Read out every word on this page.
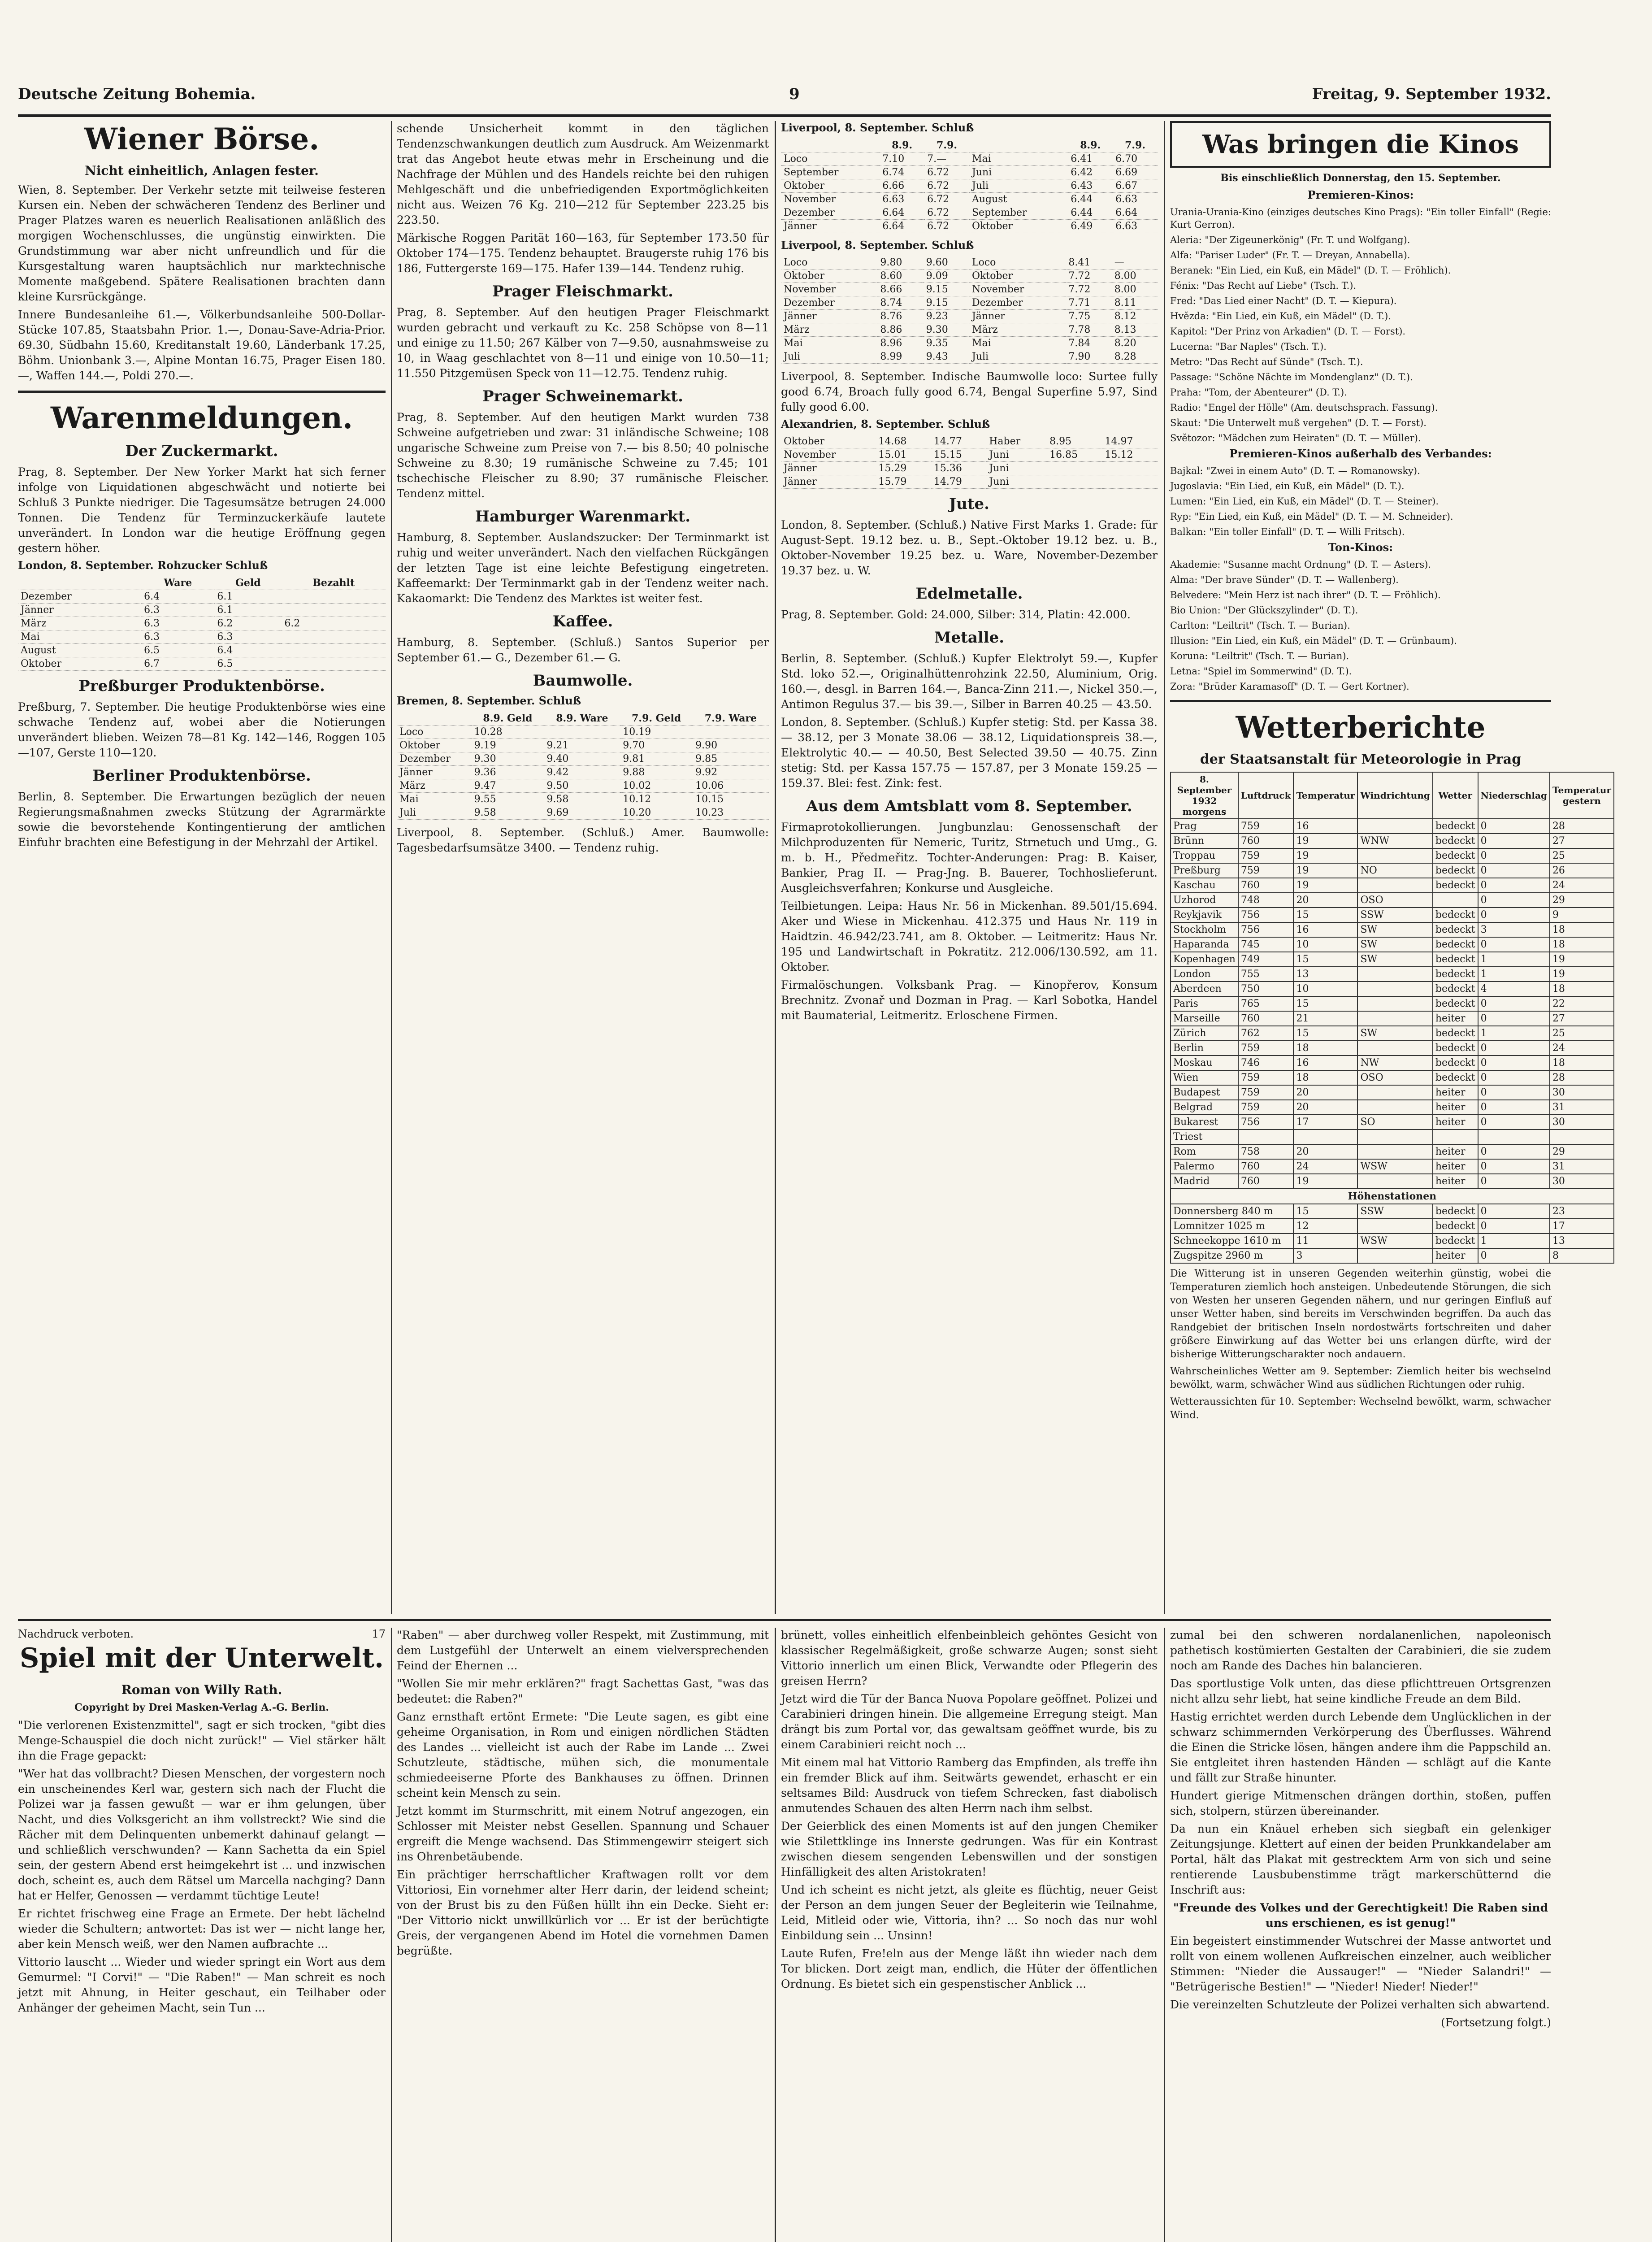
Deutsche Zeitung Bohemia.	9	Freitag, 9. September 1932.
Wiener Börse.
Nicht einheitlich, Anlagen fester.

Wien, 8. September. Der Verkehr setzte mit teilweise festeren Kursen ein. Neben der schwächeren Tendenz des Berliner und Prager Platzes waren es neuerlich Realisationen anläßlich des morgigen Wochenschlusses, die ungünstig einwirkten. Die Grundstimmung war aber nicht unfreundlich und für die Kursgestaltung waren hauptsächlich nur marktechnische Momente maßgebend. Spätere Realisationen brachten dann kleine Kursrückgänge.

Innere Bundesanleihe 61.—, Völkerbundsanleihe 500-Dollar-Stücke 107.85, Staatsbahn Prior. 1.—, Donau-Save-Adria-Prior. 69.30, Südbahn 15.60, Kreditanstalt 19.60, Länderbank 17.25, Böhm. Unionbank 3.—, Alpine Montan 16.75, Prager Eisen 180.—, Waffen 144.—, Poldi 270.—.

Warenmeldungen.
Der Zuckermarkt.

Prag, 8. September. Der New Yorker Markt hat sich ferner infolge von Liquidationen abgeschwächt und notierte bei Schluß 3 Punkte niedriger. Die Tagesumsätze betrugen 24.000 Tonnen. Die Tendenz für Terminzuckerkäufe lautete unverändert. In London war die heutige Eröffnung gegen gestern höher.

London, 8. September. Rohzucker Schluß
	Ware	Geld	Bezahlt
Dezember	6.4	6.1	
Jänner	6.3	6.1	
März	6.3	6.2	6.2
Mai	6.3	6.3	
August	6.5	6.4	
Oktober	6.7	6.5	
Preßburger Produktenbörse.

Preßburg, 7. September. Die heutige Produktenbörse wies eine schwache Tendenz auf, wobei aber die Notierungen unverändert blieben. Weizen 78—81 Kg. 142—146, Roggen 105—107, Gerste 110—120.

Berliner Produktenbörse.

Berlin, 8. September. Die Erwartungen bezüglich der neuen Regierungsmaßnahmen zwecks Stützung der Agrarmärkte sowie die bevorstehende Kontingentierung der amtlichen Einfuhr brachten eine Befestigung in der Mehrzahl der Artikel.

schende Unsicherheit kommt in den täglichen Tendenzschwankungen deutlich zum Ausdruck. Am Weizenmarkt trat das Angebot heute etwas mehr in Erscheinung und die Nachfrage der Mühlen und des Handels reichte bei den ruhigen Mehlgeschäft und die unbefriedigenden Exportmöglichkeiten nicht aus. Weizen 76 Kg. 210—212 für September 223.25 bis 223.50.

Märkische Roggen Parität 160—163, für September 173.50 für Oktober 174—175. Tendenz behauptet. Braugerste ruhig 176 bis 186, Futtergerste 169—175. Hafer 139—144. Tendenz ruhig.

Prager Fleischmarkt.

Prag, 8. September. Auf den heutigen Prager Fleischmarkt wurden gebracht und verkauft zu Kc. 258 Schöpse von 8—11 und einige zu 11.50; 267 Kälber von 7—9.50, ausnahmsweise zu 10, in Waag geschlachtet von 8—11 und einige von 10.50—11; 11.550 Pitzgemüsen Speck von 11—12.75. Tendenz ruhig.

Prager Schweinemarkt.

Prag, 8. September. Auf den heutigen Markt wurden 738 Schweine aufgetrieben und zwar: 31 inländische Schweine; 108 ungarische Schweine zum Preise von 7.— bis 8.50; 40 polnische Schweine zu 8.30; 19 rumänische Schweine zu 7.45; 101 tschechische Fleischer zu 8.90; 37 rumänische Fleischer. Tendenz mittel.

Hamburger Warenmarkt.

Hamburg, 8. September. Auslandszucker: Der Terminmarkt ist ruhig und weiter unverändert. Nach den vielfachen Rückgängen der letzten Tage ist eine leichte Befestigung eingetreten. Kaffeemarkt: Der Terminmarkt gab in der Tendenz weiter nach. Kakaomarkt: Die Tendenz des Marktes ist weiter fest.

Kaffee.

Hamburg, 8. September. (Schluß.) Santos Superior per September 61.— G., Dezember 61.— G.

Baumwolle.
Bremen, 8. September. Schluß
	8.9. Geld	8.9. Ware	7.9. Geld	7.9. Ware
Loco	10.28		10.19	
Oktober	9.19	9.21	9.70	9.90
Dezember	9.30	9.40	9.81	9.85
Jänner	9.36	9.42	9.88	9.92
März	9.47	9.50	10.02	10.06
Mai	9.55	9.58	10.12	10.15
Juli	9.58	9.69	10.20	10.23

Liverpool, 8. September. (Schluß.) Amer. Baumwolle: Tagesbedarfsumsätze 3400. — Tendenz ruhig.

Liverpool, 8. September. Schluß
	8.9.	7.9.		8.9.	7.9.
Loco	7.10	7.—	Mai	6.41	6.70
September	6.74	6.72	Juni	6.42	6.69
Oktober	6.66	6.72	Juli	6.43	6.67
November	6.63	6.72	August	6.44	6.63
Dezember	6.64	6.72	September	6.44	6.64
Jänner	6.64	6.72	Oktober	6.49	6.63
Liverpool, 8. September. Schluß
Loco	9.80	9.60	Loco	8.41	—
Oktober	8.60	9.09	Oktober	7.72	8.00
November	8.66	9.15	November	7.72	8.00
Dezember	8.74	9.15	Dezember	7.71	8.11
Jänner	8.76	9.23	Jänner	7.75	8.12
März	8.86	9.30	März	7.78	8.13
Mai	8.96	9.35	Mai	7.84	8.20
Juli	8.99	9.43	Juli	7.90	8.28

Liverpool, 8. September. Indische Baumwolle loco: Surtee fully good 6.74, Broach fully good 6.74, Bengal Superfine 5.97, Sind fully good 6.00.

Alexandrien, 8. September. Schluß
Oktober	14.68	14.77	Haber	8.95	14.97
November	15.01	15.15	Juni	16.85	15.12
Jänner	15.29	15.36	Juni		
Jänner	15.79	14.79	Juni		
Jute.

London, 8. September. (Schluß.) Native First Marks 1. Grade: für August-Sept. 19.12 bez. u. B., Sept.-Oktober 19.12 bez. u. B., Oktober-November 19.25 bez. u. Ware, November-Dezember 19.37 bez. u. W.

Edelmetalle.

Prag, 8. September. Gold: 24.000, Silber: 314, Platin: 42.000.

Metalle.

Berlin, 8. September. (Schluß.) Kupfer Elektrolyt 59.—, Kupfer Std. loko 52.—, Originalhüttenrohzink 22.50, Aluminium, Orig. 160.—, desgl. in Barren 164.—, Banca-Zinn 211.—, Nickel 350.—, Antimon Regulus 37.— bis 39.—, Silber in Barren 40.25 — 43.50.

London, 8. September. (Schluß.) Kupfer stetig: Std. per Kassa 38.— 38.12, per 3 Monate 38.06 — 38.12, Liquidationspreis 38.—, Elektrolytic 40.— — 40.50, Best Selected 39.50 — 40.75. Zinn stetig: Std. per Kassa 157.75 — 157.87, per 3 Monate 159.25 — 159.37. Blei: fest. Zink: fest.

Aus dem Amtsblatt vom 8. September.

Firmaprotokollierungen. Jungbunzlau: Genossenschaft der Milchproduzenten für Nemeric, Turitz, Strnetuch und Umg., G. m. b. H., Předmeřitz. Tochter-Anderungen: Prag: B. Kaiser, Bankier, Prag II. — Prag-Jng. B. Bauerer, Tochhoslieferunt. Ausgleichsverfahren; Konkurse und Ausgleiche.

Teilbietungen. Leipa: Haus Nr. 56 in Mickenhan. 89.501/15.694. Aker und Wiese in Mickenhau. 412.375 und Haus Nr. 119 in Haidtzin. 46.942/23.741, am 8. Oktober. — Leitmeritz: Haus Nr. 195 und Landwirtschaft in Pokratitz. 212.006/130.592, am 11. Oktober.

Firmalöschungen. Volksbank Prag. — Kinopřerov, Konsum Brechnitz. Zvonař und Dozman in Prag. — Karl Sobotka, Handel mit Baumaterial, Leitmeritz. Erloschene Firmen.

Was bringen die Kinos
Bis einschließlich Donnerstag, den 15. September.
Premieren-Kinos:

Urania-Urania-Kino (einziges deutsches Kino Prags): "Ein toller Einfall" (Regie: Kurt Gerron).

Aleria: "Der Zigeunerkönig" (Fr. T. und Wolfgang).

Alfa: "Pariser Luder" (Fr. T. — Dreyan, Annabella).

Beranek: "Ein Lied, ein Kuß, ein Mädel" (D. T. — Fröhlich).

Fénix: "Das Recht auf Liebe" (Tsch. T.).

Fred: "Das Lied einer Nacht" (D. T. — Kiepura).

Hvězda: "Ein Lied, ein Kuß, ein Mädel" (D. T.).

Kapitol: "Der Prinz von Arkadien" (D. T. — Forst).

Lucerna: "Bar Naples" (Tsch. T.).

Metro: "Das Recht auf Sünde" (Tsch. T.).

Passage: "Schöne Nächte im Mondenglanz" (D. T.).

Praha: "Tom, der Abenteurer" (D. T.).

Radio: "Engel der Hölle" (Am. deutschsprach. Fassung).

Skaut: "Die Unterwelt muß vergehen" (D. T. — Forst).

Světozor: "Mädchen zum Heiraten" (D. T. — Müller).

Premieren-Kinos außerhalb des Verbandes:

Bajkal: "Zwei in einem Auto" (D. T. — Romanowsky).

Jugoslavia: "Ein Lied, ein Kuß, ein Mädel" (D. T.).

Lumen: "Ein Lied, ein Kuß, ein Mädel" (D. T. — Steiner).

Ryp: "Ein Lied, ein Kuß, ein Mädel" (D. T. — M. Schneider).

Balkan: "Ein toller Einfall" (D. T. — Willi Fritsch).

Ton-Kinos:

Akademie: "Susanne macht Ordnung" (D. T. — Asters).

Alma: "Der brave Sünder" (D. T. — Wallenberg).

Belvedere: "Mein Herz ist nach ihrer" (D. T. — Fröhlich).

Bio Union: "Der Glückszylinder" (D. T.).

Carlton: "Leiltrit" (Tsch. T. — Burian).

Illusion: "Ein Lied, ein Kuß, ein Mädel" (D. T. — Grünbaum).

Koruna: "Leiltrit" (Tsch. T. — Burian).

Letna: "Spiel im Sommerwind" (D. T.).

Zora: "Brüder Karamasoff" (D. T. — Gert Kortner).

Wetterberichte
der Staatsanstalt für Meteorologie in Prag
8. September 1932 morgens	Luftdruck	Temperatur	Windrichtung	Wetter	Niederschlag	Temperatur gestern
Prag	759	16		bedeckt	0	28
Brünn	760	19	WNW	bedeckt	0	27
Troppau	759	19		bedeckt	0	25
Preßburg	759	19	NO	bedeckt	0	26
Kaschau	760	19		bedeckt	0	24
Uzhorod	748	20	OSO		0	29
Reykjavik	756	15	SSW	bedeckt	0	9
Stockholm	756	16	SW	bedeckt	3	18
Haparanda	745	10	SW	bedeckt	0	18
Kopenhagen	749	15	SW	bedeckt	1	19
London	755	13		bedeckt	1	19
Aberdeen	750	10		bedeckt	4	18
Paris	765	15		bedeckt	0	22
Marseille	760	21		heiter	0	27
Zürich	762	15	SW	bedeckt	1	25
Berlin	759	18		bedeckt	0	24
Moskau	746	16	NW	bedeckt	0	18
Wien	759	18	OSO	bedeckt	0	28
Budapest	759	20		heiter	0	30
Belgrad	759	20		heiter	0	31
Bukarest	756	17	SO	heiter	0	30
Triest						
Rom	758	20		heiter	0	29
Palermo	760	24	WSW	heiter	0	31
Madrid	760	19		heiter	0	30
Höhenstationen						
Donnersberg 840 m		15	SSW	bedeckt	0	23
Lomnitzer 1025 m		12		bedeckt	0	17
Schneekoppe 1610 m		11	WSW	bedeckt	1	13
Zugspitze 2960 m		3		heiter	0	8

Die Witterung ist in unseren Gegenden weiterhin günstig, wobei die Temperaturen ziemlich hoch ansteigen. Unbedeutende Störungen, die sich von Westen her unseren Gegenden nähern, und nur geringen Einfluß auf unser Wetter haben, sind bereits im Verschwinden begriffen. Da auch das Randgebiet der britischen Inseln nordostwärts fortschreiten und daher größere Einwirkung auf das Wetter bei uns erlangen dürfte, wird der bisherige Witterungscharakter noch andauern.

Wahrscheinliches Wetter am 9. September: Ziemlich heiter bis wechselnd bewölkt, warm, schwächer Wind aus südlichen Richtungen oder ruhig.

Wetteraussichten für 10. September: Wechselnd bewölkt, warm, schwacher Wind.

Nachdruck verboten.	17
Spiel mit der Unterwelt.
Roman von Willy Rath.
Copyright by Drei Masken-Verlag A.-G. Berlin.

"Die verlorenen Existenzmittel", sagt er sich trocken, "gibt dies Menge-Schauspiel die doch nicht zurück!" — Viel stärker hält ihn die Frage gepackt:

"Wer hat das vollbracht? Diesen Menschen, der vorgestern noch ein unscheinendes Kerl war, gestern sich nach der Flucht die Polizei war ja fassen gewußt — war er ihm gelungen, über Nacht, und dies Volksgericht an ihm vollstreckt? Wie sind die Rächer mit dem Delinquenten unbemerkt dahinauf gelangt — und schließlich verschwunden? — Kann Sachetta da ein Spiel sein, der gestern Abend erst heimgekehrt ist ... und inzwischen doch, scheint es, auch dem Rätsel um Marcella nachging? Dann hat er Helfer, Genossen — verdammt tüchtige Leute!

Er richtet frischweg eine Frage an Ermete. Der hebt lächelnd wieder die Schultern; antwortet: Das ist wer — nicht lange her, aber kein Mensch weiß, wer den Namen aufbrachte ...

Vittorio lauscht ... Wieder und wieder springt ein Wort aus dem Gemurmel: "I Corvi!" — "Die Raben!" — Man schreit es noch jetzt mit Ahnung, in Heiter geschaut, ein Teilhaber oder Anhänger der geheimen Macht, sein Tun ...

"Raben" — aber durchweg voller Respekt, mit Zustimmung, mit dem Lustgefühl der Unterwelt an einem vielversprechenden Feind der Ehernen ...

"Wollen Sie mir mehr erklären?" fragt Sachettas Gast, "was das bedeutet: die Raben?"

Ganz ernsthaft ertönt Ermete: "Die Leute sagen, es gibt eine geheime Organisation, in Rom und einigen nördlichen Städten des Landes ... vielleicht ist auch der Rabe im Lande ... Zwei Schutzleute, städtische, mühen sich, die monumentale schmiedeeiserne Pforte des Bankhauses zu öffnen. Drinnen scheint kein Mensch zu sein.

Jetzt kommt im Sturmschritt, mit einem Notruf angezogen, ein Schlosser mit Meister nebst Gesellen. Spannung und Schauer ergreift die Menge wachsend. Das Stimmengewirr steigert sich ins Ohrenbetäubende.

Ein prächtiger herrschaftlicher Kraftwagen rollt vor dem Vittoriosi, Ein vornehmer alter Herr darin, der leidend scheint; von der Brust bis zu den Füßen hüllt ihn ein Decke. Sieht er: "Der Vittorio nickt unwillkürlich vor ... Er ist der berüchtigte Greis, der vergangenen Abend im Hotel die vornehmen Damen begrüßte.

brünett, volles einheitlich elfenbeinbleich gehöntes Gesicht von klassischer Regelmäßigkeit, große schwarze Augen; sonst sieht Vittorio innerlich um einen Blick, Verwandte oder Pflegerin des greisen Herrn?

Jetzt wird die Tür der Banca Nuova Popolare geöffnet. Polizei und Carabinieri dringen hinein. Die allgemeine Erregung steigt. Man drängt bis zum Portal vor, das gewaltsam geöffnet wurde, bis zu einem Carabinieri reicht noch ...

Mit einem mal hat Vittorio Ramberg das Empfinden, als treffe ihn ein fremder Blick auf ihm. Seitwärts gewendet, erhascht er ein seltsames Bild: Ausdruck von tiefem Schrecken, fast diabolisch anmutendes Schauen des alten Herrn nach ihm selbst.

Der Geierblick des einen Moments ist auf den jungen Chemiker wie Stilettklinge ins Innerste gedrungen. Was für ein Kontrast zwischen diesem sengenden Lebenswillen und der sonstigen Hinfälligkeit des alten Aristokraten!

Und ich scheint es nicht jetzt, als gleite es flüchtig, neuer Geist der Person an dem jungen Seuer der Begleiterin wie Teilnahme, Leid, Mitleid oder wie, Vittoria, ihn? ... So noch das nur wohl Einbildung sein ... Unsinn!

Laute Rufen, Fre!eln aus der Menge läßt ihn wieder nach dem Tor blicken. Dort zeigt man, endlich, die Hüter der öffentlichen Ordnung. Es bietet sich ein gespenstischer Anblick ...

zumal bei den schweren nordalanenlichen, napoleonisch pathetisch kostümierten Gestalten der Carabinieri, die sie zudem noch am Rande des Daches hin balancieren.

Das sportlustige Volk unten, das diese pflichttreuen Ortsgrenzen nicht allzu sehr liebt, hat seine kindliche Freude an dem Bild.

Hastig errichtet werden durch Lebende dem Unglücklichen in der schwarz schimmernden Verkörperung des Überflusses. Während die Einen die Stricke lösen, hängen andere ihm die Pappschild an. Sie entgleitet ihren hastenden Händen — schlägt auf die Kante und fällt zur Straße hinunter.

Hundert gierige Mitmenschen drängen dorthin, stoßen, puffen sich, stolpern, stürzen übereinander.

Da nun ein Knäuel erheben sich siegbaft ein gelenkiger Zeitungsjunge. Klettert auf einen der beiden Prunkkandelaber am Portal, hält das Plakat mit gestrecktem Arm von sich und seine rentierende Lausbubenstimme trägt markerschütternd die Inschrift aus:

"Freunde des Volkes und der Gerechtigkeit! Die Raben sind uns erschienen, es ist genug!"

Ein begeistert einstimmender Wutschrei der Masse antwortet und rollt von einem wollenen Aufkreischen einzelner, auch weiblicher Stimmen: "Nieder die Aussauger!" — "Nieder Salandri!" — "Betrügerische Bestien!" — "Nieder! Nieder! Nieder!"

Die vereinzelten Schutzleute der Polizei verhalten sich abwartend.

(Fortsetzung folgt.)
